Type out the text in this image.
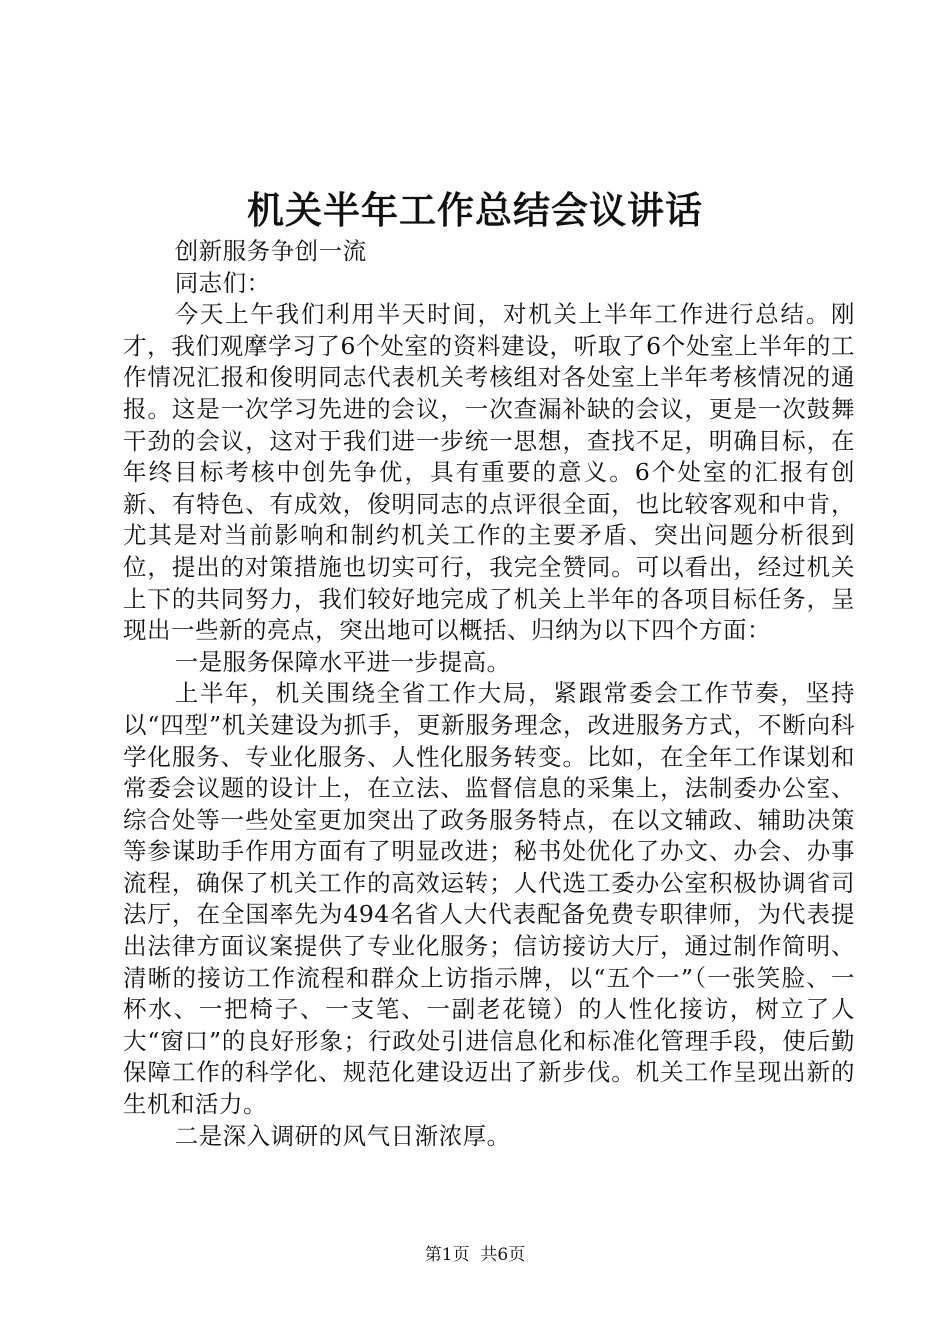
机关半年工作总结会议讲话

创新服务争创一流

同志们：

今天上午我们利用半天时间，对机关上半年工作进行总结。刚才，我们观摩学习了6个处室的资料建设，听取了6个处室上半年的工作情况汇报和俊明同志代表机关考核组对各处室上半年考核情况的通报。这是一次学习先进的会议，一次查漏补缺的会议，更是一次鼓舞干劲的会议，这对于我们进一步统一思想，查找不足，明确目标，在年终目标考核中创先争优，具有重要的意义。6个处室的汇报有创新、有特色、有成效，俊明同志的点评很全面，也比较客观和中肯，尤其是对当前影响和制约机关工作的主要矛盾、突出问题分析很到位，提出的对策措施也切实可行，我完全赞同。可以看出，经过机关上下的共同努力，我们较好地完成了机关上半年的各项目标任务，呈现出一些新的亮点，突出地可以概括、归纳为以下四个方面：

一是服务保障水平进一步提高。

上半年，机关围绕全省工作大局，紧跟常委会工作节奏，坚持以“四型”机关建设为抓手，更新服务理念，改进服务方式，不断向科学化服务、专业化服务、人性化服务转变。比如，在全年工作谋划和常委会议题的设计上，在立法、监督信息的采集上，法制委办公室、综合处等一些处室更加突出了政务服务特点，在以文辅政、辅助决策等参谋助手作用方面有了明显改进；秘书处优化了办文、办会、办事流程，确保了机关工作的高效运转；人代选工委办公室积极协调省司法厅，在全国率先为494名省人大代表配备免费专职律师，为代表提出法律方面议案提供了专业化服务；信访接访大厅，通过制作简明、清晰的接访工作流程和群众上访指示牌，以“五个一”（一张笑脸、一杯水、一把椅子、一支笔、一副老花镜）的人性化接访，树立了人大“窗口”的良好形象；行政处引进信息化和标准化管理手段，使后勤保障工作的科学化、规范化建设迈出了新步伐。机关工作呈现出新的生机和活力。

二是深入调研的风气日渐浓厚。

第1页 共6页
